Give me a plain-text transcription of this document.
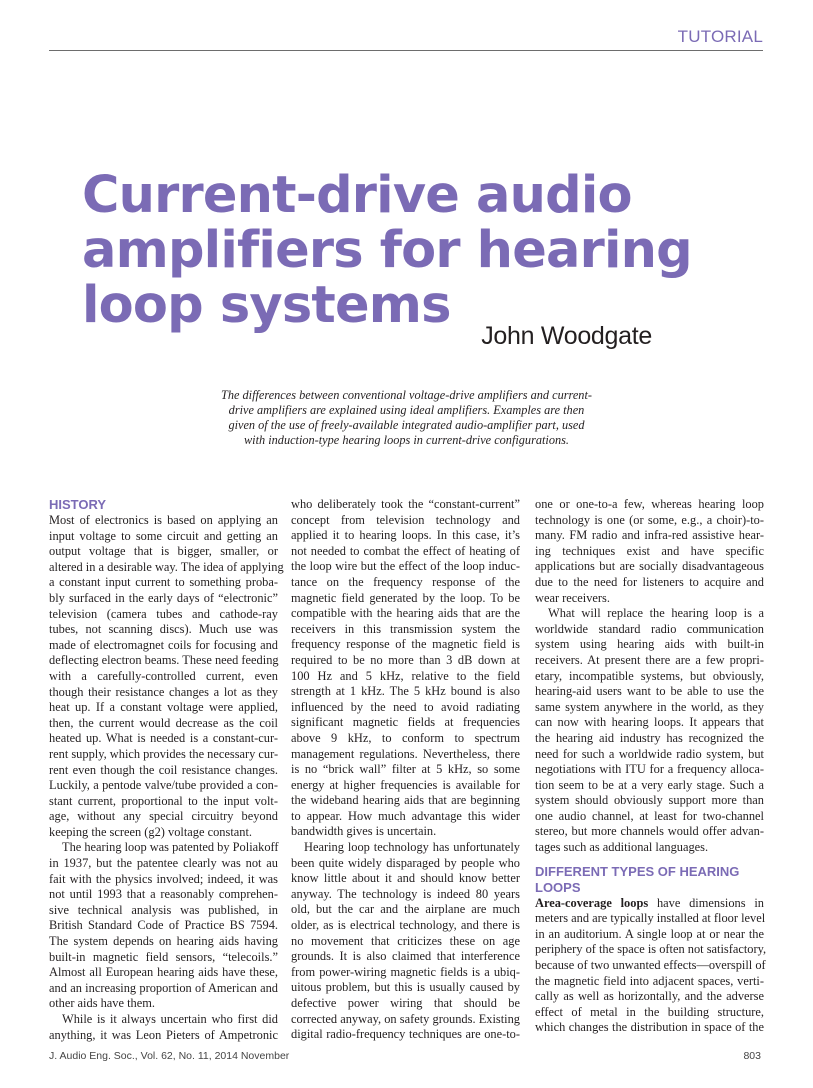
TUTORIAL
Current-drive audio
amplifiers for hearing
loop systems
John Woodgate

The differences between conventional voltage-drive amplifiers and current-
drive amplifiers are explained using ideal amplifiers. Examples are then
given of the use of freely-available integrated audio-amplifier part, used
with induction-type hearing loops in current-drive configurations.

HISTORY
Most of electronics is based on applying an
input voltage to some circuit and getting an
output voltage that is bigger, smaller, or
altered in a desirable way. The idea of applying
a constant input current to something proba-
bly surfaced in the early days of “electronic”
television (camera tubes and cathode-ray
tubes, not scanning discs). Much use was
made of electromagnet coils for focusing and
deflecting electron beams. These need feeding
with a carefully-controlled current, even
though their resistance changes a lot as they
heat up. If a constant voltage were applied,
then, the current would decrease as the coil
heated up. What is needed is a constant-cur-
rent supply, which provides the necessary cur-
rent even though the coil resistance changes.
Luckily, a pentode valve/tube provided a con-
stant current, proportional to the input volt-
age, without any special circuitry beyond
keeping the screen (g2) voltage constant.
The hearing loop was patented by Poliakoff
in 1937, but the patentee clearly was not au
fait with the physics involved; indeed, it was
not until 1993 that a reasonably comprehen-
sive technical analysis was published, in
British Standard Code of Practice BS 7594.
The system depends on hearing aids having
built-in magnetic field sensors, “telecoils.”
Almost all European hearing aids have these,
and an increasing proportion of American and
other aids have them.
While is it always uncertain who first did
anything, it was Leon Pieters of Ampetronic
who deliberately took the “constant-current”
concept from television technology and
applied it to hearing loops. In this case, it’s
not needed to combat the effect of heating of
the loop wire but the effect of the loop induc-
tance on the frequency response of the
magnetic field generated by the loop. To be
compatible with the hearing aids that are the
receivers in this transmission system the
frequency response of the magnetic field is
required to be no more than 3 dB down at
100 Hz and 5 kHz, relative to the field
strength at 1 kHz. The 5 kHz bound is also
influenced by the need to avoid radiating
significant magnetic fields at frequencies
above 9 kHz, to conform to spectrum
management regulations. Nevertheless, there
is no “brick wall” filter at 5 kHz, so some
energy at higher frequencies is available for
the wideband hearing aids that are beginning
to appear. How much advantage this wider
bandwidth gives is uncertain.
Hearing loop technology has unfortunately
been quite widely disparaged by people who
know little about it and should know better
anyway. The technology is indeed 80 years
old, but the car and the airplane are much
older, as is electrical technology, and there is
no movement that criticizes these on age
grounds. It is also claimed that interference
from power-wiring magnetic fields is a ubiq-
uitous problem, but this is usually caused by
defective power wiring that should be
corrected anyway, on safety grounds. Existing
digital radio-frequency techniques are one-to-
one or one-to-a few, whereas hearing loop
technology is one (or some, e.g., a choir)-to-
many. FM radio and infra-red assistive hear-
ing techniques exist and have specific
applications but are socially disadvantageous
due to the need for listeners to acquire and
wear receivers.
What will replace the hearing loop is a
worldwide standard radio communication
system using hearing aids with built-in
receivers. At present there are a few propri-
etary, incompatible systems, but obviously,
hearing-aid users want to be able to use the
same system anywhere in the world, as they
can now with hearing loops. It appears that
the hearing aid industry has recognized the
need for such a worldwide radio system, but
negotiations with ITU for a frequency alloca-
tion seem to be at a very early stage. Such a
system should obviously support more than
one audio channel, at least for two-channel
stereo, but more channels would offer advan-
tages such as additional languages.
DIFFERENT TYPES OF HEARING LOOPS
Area-coverage loops have dimensions in
meters and are typically installed at floor level
in an auditorium. A single loop at or near the
periphery of the space is often not satisfactory,
because of two unwanted effects—overspill of
the magnetic field into adjacent spaces, verti-
cally as well as horizontally, and the adverse
effect of metal in the building structure,
which changes the distribution in space of the
J. Audio Eng. Soc., Vol. 62, No. 11, 2014 November	803
